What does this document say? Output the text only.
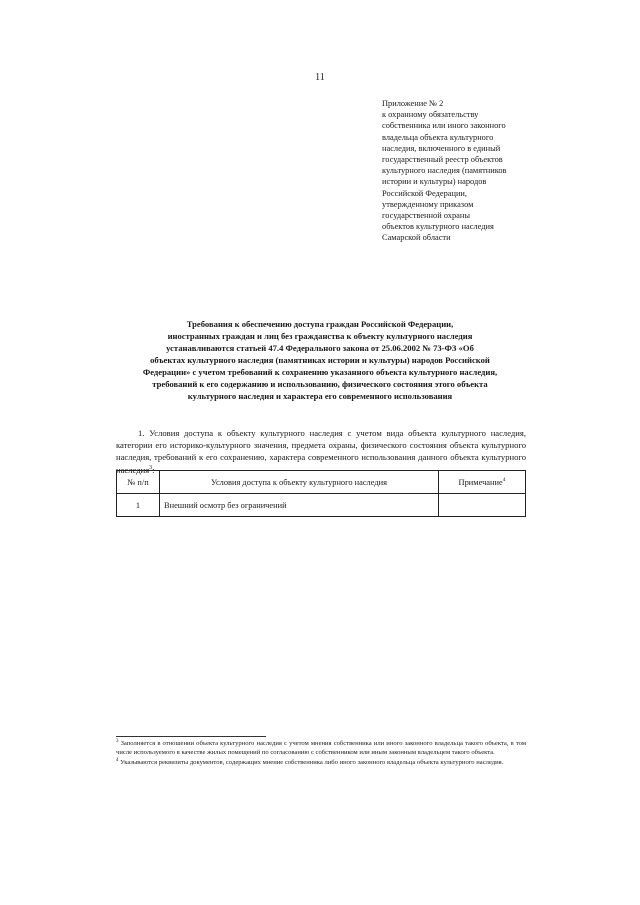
11
Приложение № 2
к охранному обязательству
собственника или иного законного
владельца объекта культурного
наследия, включенного в единый
государственный реестр объектов
культурного наследия (памятников
истории и культуры) народов
Российской Федерации,
утвержденному приказом
государственной охраны
объектов культурного наследия
Самарской области
Требования к обеспечению доступа граждан Российской Федерации,
иностранных граждан и лиц без гражданства к объекту культурного наследия
устанавливаются статьей 47.4 Федерального закона от 25.06.2002 № 73-ФЗ «Об
объектах культурного наследия (памятниках истории и культуры) народов Российской
Федерации» с учетом требований к сохранению указанного объекта культурного наследия,
требований к его содержанию и использованию, физического состояния этого объекта
культурного наследия и характера его современного использования

1. Условия доступа к объекту культурного наследия с учетом вида объекта культурного наследия, категории его историко-культурного значения, предмета охраны, физического состояния объекта культурного наследия, требований к его сохранению, характера современного использования данного объекта культурного наследия$^3$:

№ п/п	Условия доступа к объекту культурного наследия	Примечание$^4$
1	Внешний осмотр без ограничений	

$^3$ Заполняется в отношении объекта культурного наследия с учетом мнения собственника или иного законного владельца такого объекта, в том числе используемого в качестве жилых помещений по согласованию с собственником или иным законным владельцем такого объекта.

$^4$ Указываются реквизиты документов, содержащих мнение собственника либо иного законного владельца объекта культурного наследия.
